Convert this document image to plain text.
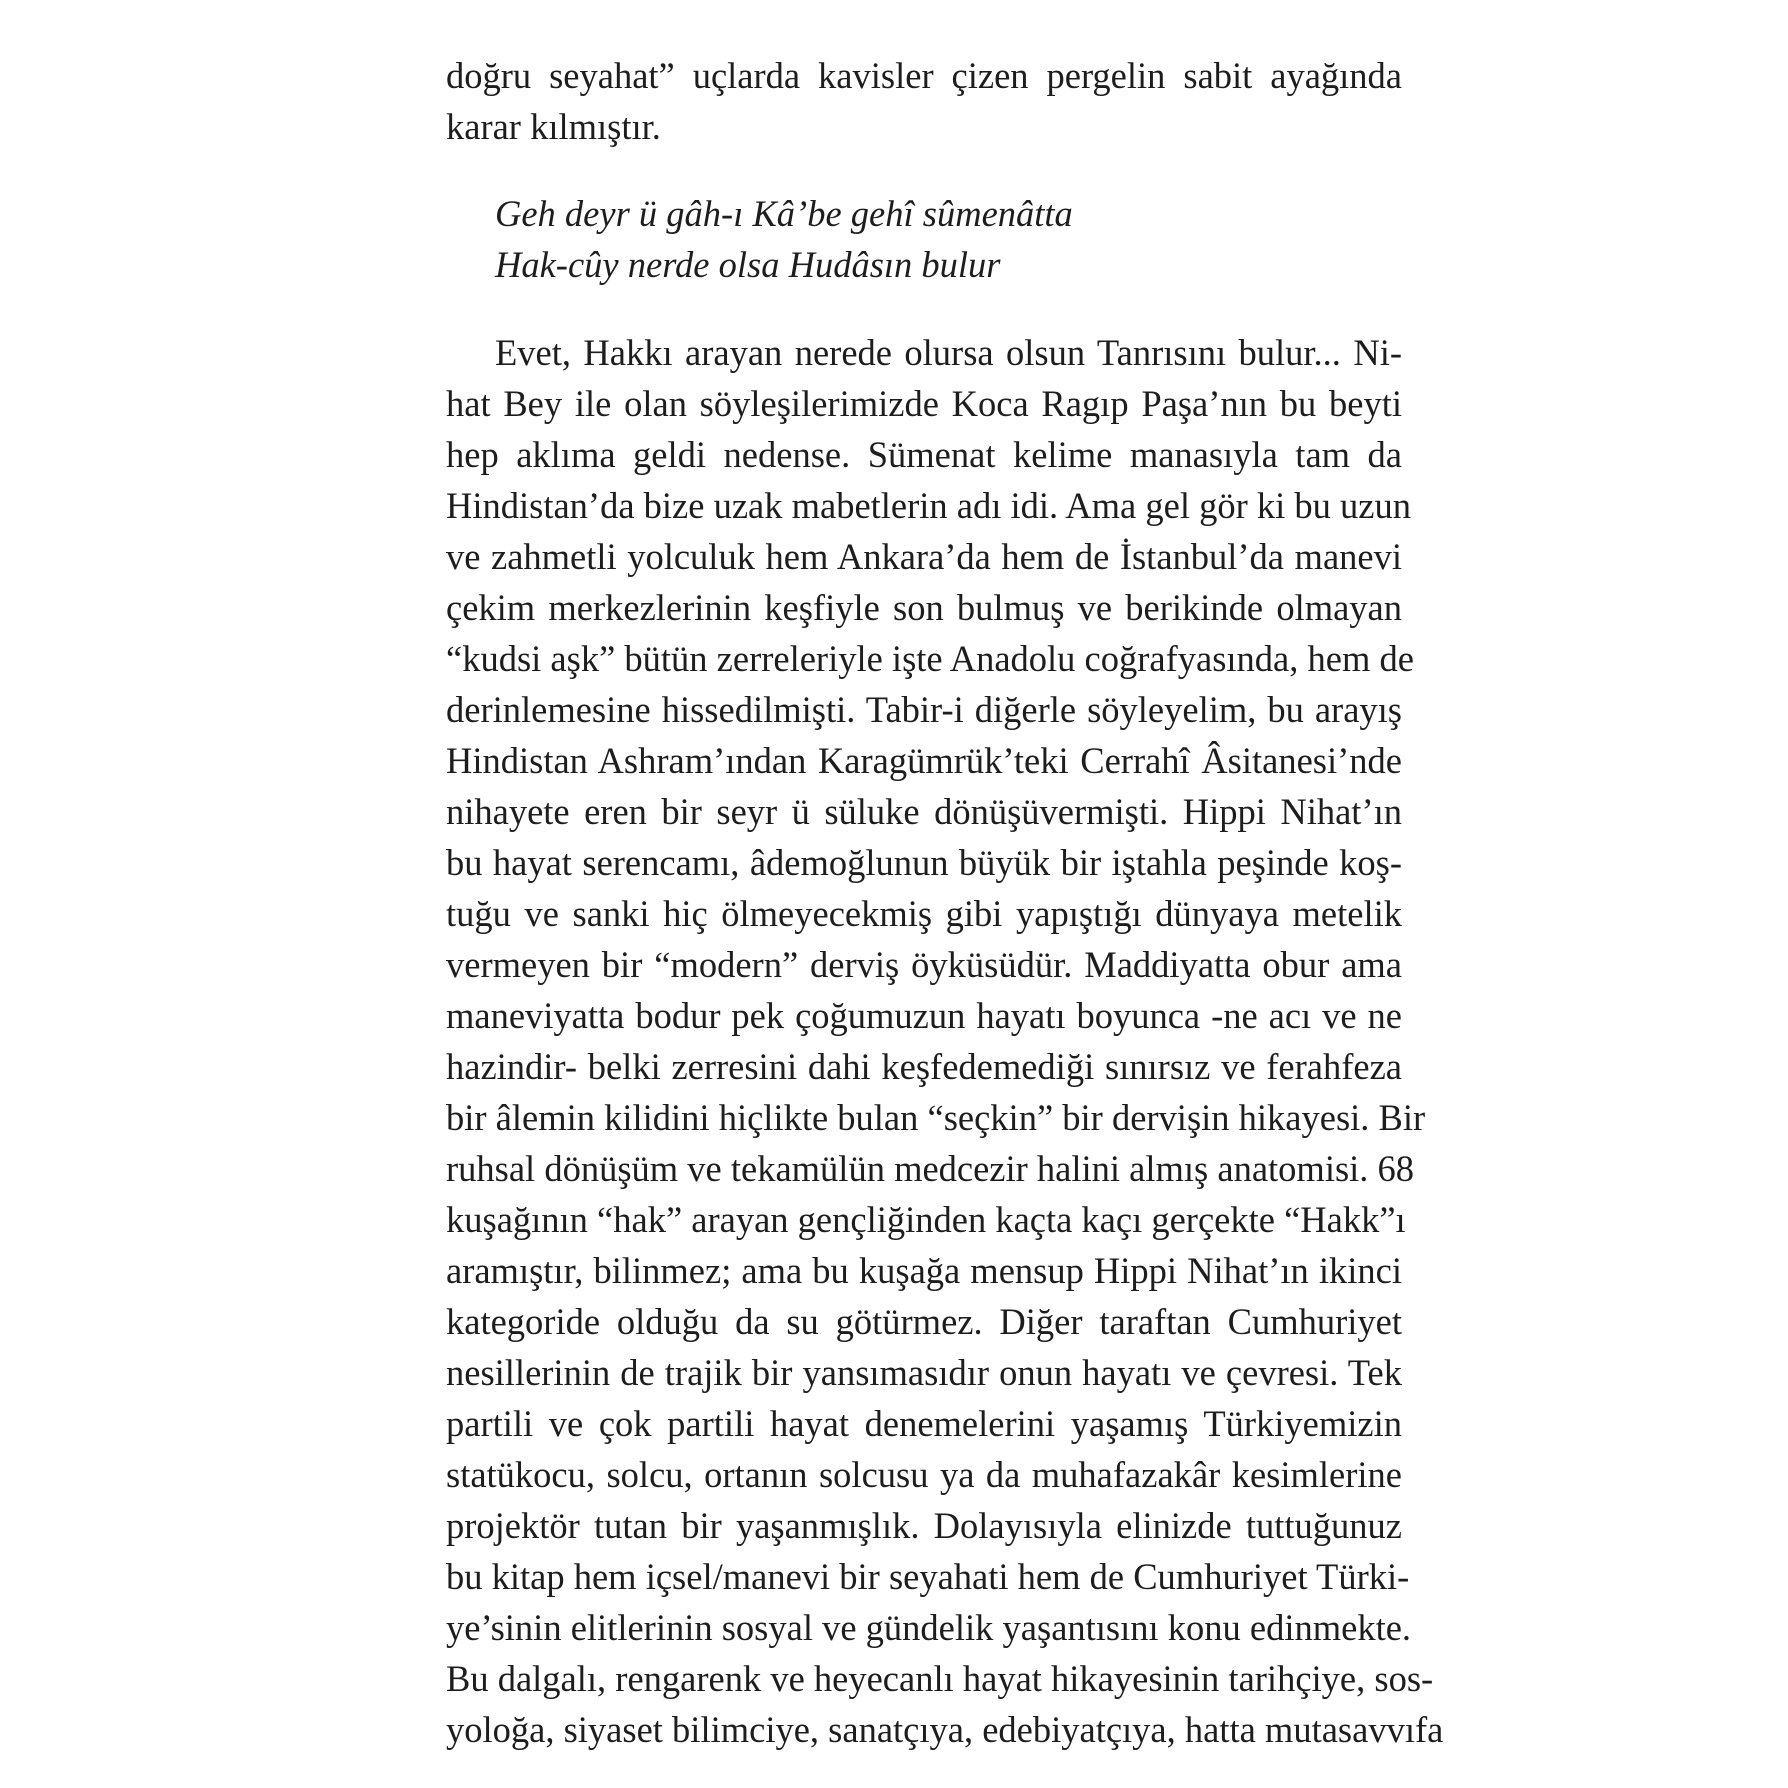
doğru seyahat” uçlarda kavisler çizen pergelin sabit ayağında
karar kılmıştır.
Geh deyr ü gâh-ı Kâ’be gehî sûmenâtta
Hak-cûy nerde olsa Hudâsın bulur
Evet, Hakkı arayan nerede olursa olsun Tanrısını bulur... Ni-
hat Bey ile olan söyleşilerimizde Koca Ragıp Paşa’nın bu beyti
hep aklıma geldi nedense. Sümenat kelime manasıyla tam da
Hindistan’da bize uzak mabetlerin adı idi. Ama gel gör ki bu uzun
ve zahmetli yolculuk hem Ankara’da hem de İstanbul’da manevi
çekim merkezlerinin keşfiyle son bulmuş ve berikinde olmayan
“kudsi aşk” bütün zerreleriyle işte Anadolu coğrafyasında, hem de
derinlemesine hissedilmişti. Tabir-i diğerle söyleyelim, bu arayış
Hindistan Ashram’ından Karagümrük’teki Cerrahî Âsitanesi’nde
nihayete eren bir seyr ü süluke dönüşüvermişti. Hippi Nihat’ın
bu hayat serencamı, âdemoğlunun büyük bir iştahla peşinde koş-
tuğu ve sanki hiç ölmeyecekmiş gibi yapıştığı dünyaya metelik
vermeyen bir “modern” derviş öyküsüdür. Maddiyatta obur ama
maneviyatta bodur pek çoğumuzun hayatı boyunca -ne acı ve ne
hazindir- belki zerresini dahi keşfedemediği sınırsız ve ferahfeza
bir âlemin kilidini hiçlikte bulan “seçkin” bir dervişin hikayesi. Bir
ruhsal dönüşüm ve tekamülün medcezir halini almış anatomisi. 68
kuşağının “hak” arayan gençliğinden kaçta kaçı gerçekte “Hakk”ı
aramıştır, bilinmez; ama bu kuşağa mensup Hippi Nihat’ın ikinci
kategoride olduğu da su götürmez. Diğer taraftan Cumhuriyet
nesillerinin de trajik bir yansımasıdır onun hayatı ve çevresi. Tek
partili ve çok partili hayat denemelerini yaşamış Türkiyemizin
statükocu, solcu, ortanın solcusu ya da muhafazakâr kesimlerine
projektör tutan bir yaşanmışlık. Dolayısıyla elinizde tuttuğunuz
bu kitap hem içsel/manevi bir seyahati hem de Cumhuriyet Türki-
ye’sinin elitlerinin sosyal ve gündelik yaşantısını konu edinmekte.
Bu dalgalı, rengarenk ve heyecanlı hayat hikayesinin tarihçiye, sos-
yoloğa, siyaset bilimciye, sanatçıya, edebiyatçıya, hatta mutasavvıfa
